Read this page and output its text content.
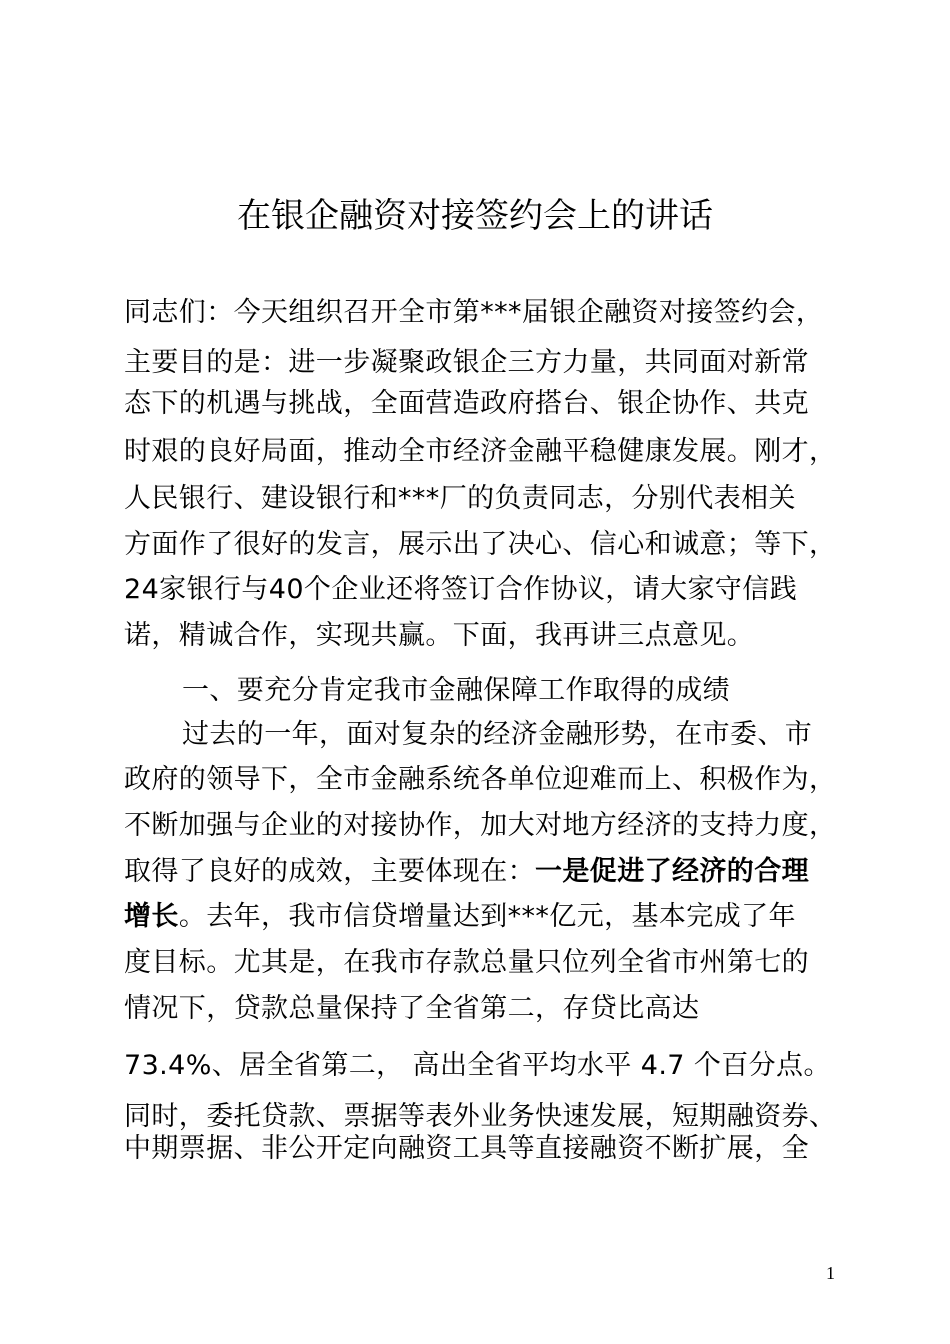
在银企融资对接签约会上的讲话
同志们：今天组织召开全市第***届银企融资对接签约会，
主要目的是：进一步凝聚政银企三方力量，共同面对新常
态下的机遇与挑战，全面营造政府搭台、银企协作、共克
时艰的良好局面，推动全市经济金融平稳健康发展。刚才，
人民银行、建设银行和***厂的负责同志，分别代表相关
方面作了很好的发言，展示出了决心、信心和诚意；等下，
24家银行与40个企业还将签订合作协议，请大家守信践
诺，精诚合作，实现共赢。下面，我再讲三点意见。
一、要充分肯定我市金融保障工作取得的成绩
过去的一年，面对复杂的经济金融形势，在市委、市
政府的领导下，全市金融系统各单位迎难而上、积极作为，
不断加强与企业的对接协作，加大对地方经济的支持力度，
取得了良好的成效，主要体现在：一是促进了经济的合理
增长。去年，我市信贷增量达到***亿元，基本完成了年
度目标。尤其是，在我市存款总量只位列全省市州第七的
情况下，贷款总量保持了全省第二，存贷比高达
73.4%、居全省第二， 高出全省平均水平 4.7 个百分点。
同时，委托贷款、票据等表外业务快速发展，短期融资券、
中期票据、非公开定向融资工具等直接融资不断扩展，全
1
